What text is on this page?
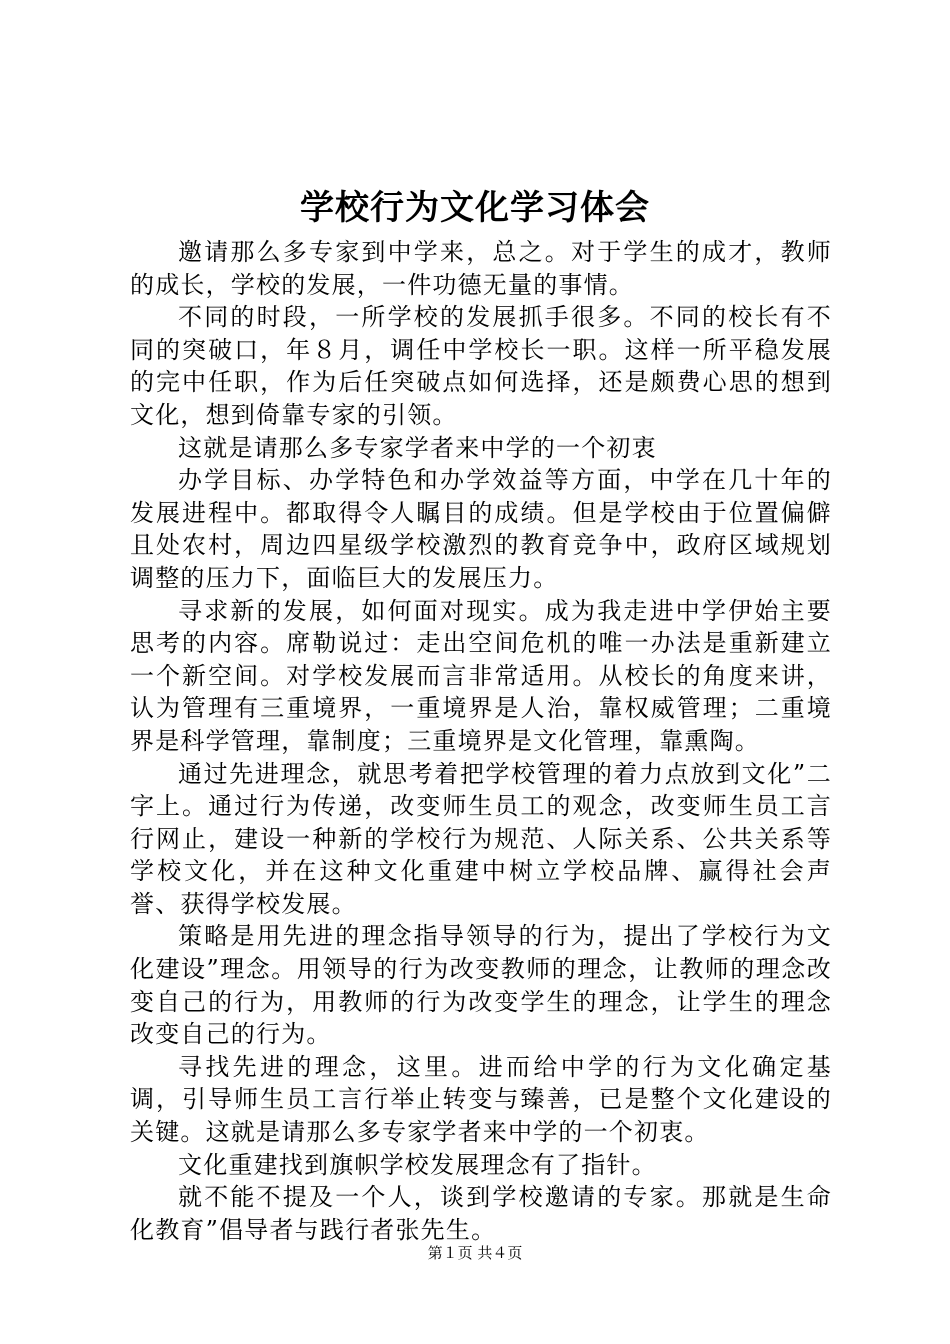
学校行为文化学习体会

邀请那么多专家到中学来，总之。对于学生的成才，教师的成长，学校的发展，一件功德无量的事情。

不同的时段，一所学校的发展抓手很多。不同的校长有不同的突破口，年８月，调任中学校长一职。这样一所平稳发展的完中任职，作为后任突破点如何选择，还是颇费心思的想到文化，想到倚靠专家的引领。

这就是请那么多专家学者来中学的一个初衷

办学目标、办学特色和办学效益等方面，中学在几十年的发展进程中。都取得令人瞩目的成绩。但是学校由于位置偏僻且处农村，周边四星级学校激烈的教育竞争中，政府区域规划调整的压力下，面临巨大的发展压力。

寻求新的发展，如何面对现实。成为我走进中学伊始主要思考的内容。席勒说过：走出空间危机的唯一办法是重新建立一个新空间。对学校发展而言非常适用。从校长的角度来讲，认为管理有三重境界，一重境界是人治，靠权威管理；二重境界是科学管理，靠制度；三重境界是文化管理，靠熏陶。

通过先进理念，就思考着把学校管理的着力点放到文化”二字上。通过行为传递，改变师生员工的观念，改变师生员工言行网止，建设一种新的学校行为规范、人际关系、公共关系等学校文化，并在这种文化重建中树立学校品牌、赢得社会声誉、获得学校发展。

策略是用先进的理念指导领导的行为，提出了学校行为文化建设”理念。用领导的行为改变教师的理念，让教师的理念改变自己的行为，用教师的行为改变学生的理念，让学生的理念改变自己的行为。

寻找先进的理念，这里。进而给中学的行为文化确定基调，引导师生员工言行举止转变与臻善，已是整个文化建设的关键。这就是请那么多专家学者来中学的一个初衷。

文化重建找到旗帜学校发展理念有了指针。

就不能不提及一个人，谈到学校邀请的专家。那就是生命化教育”倡导者与践行者张先生。

第１页 共４页
